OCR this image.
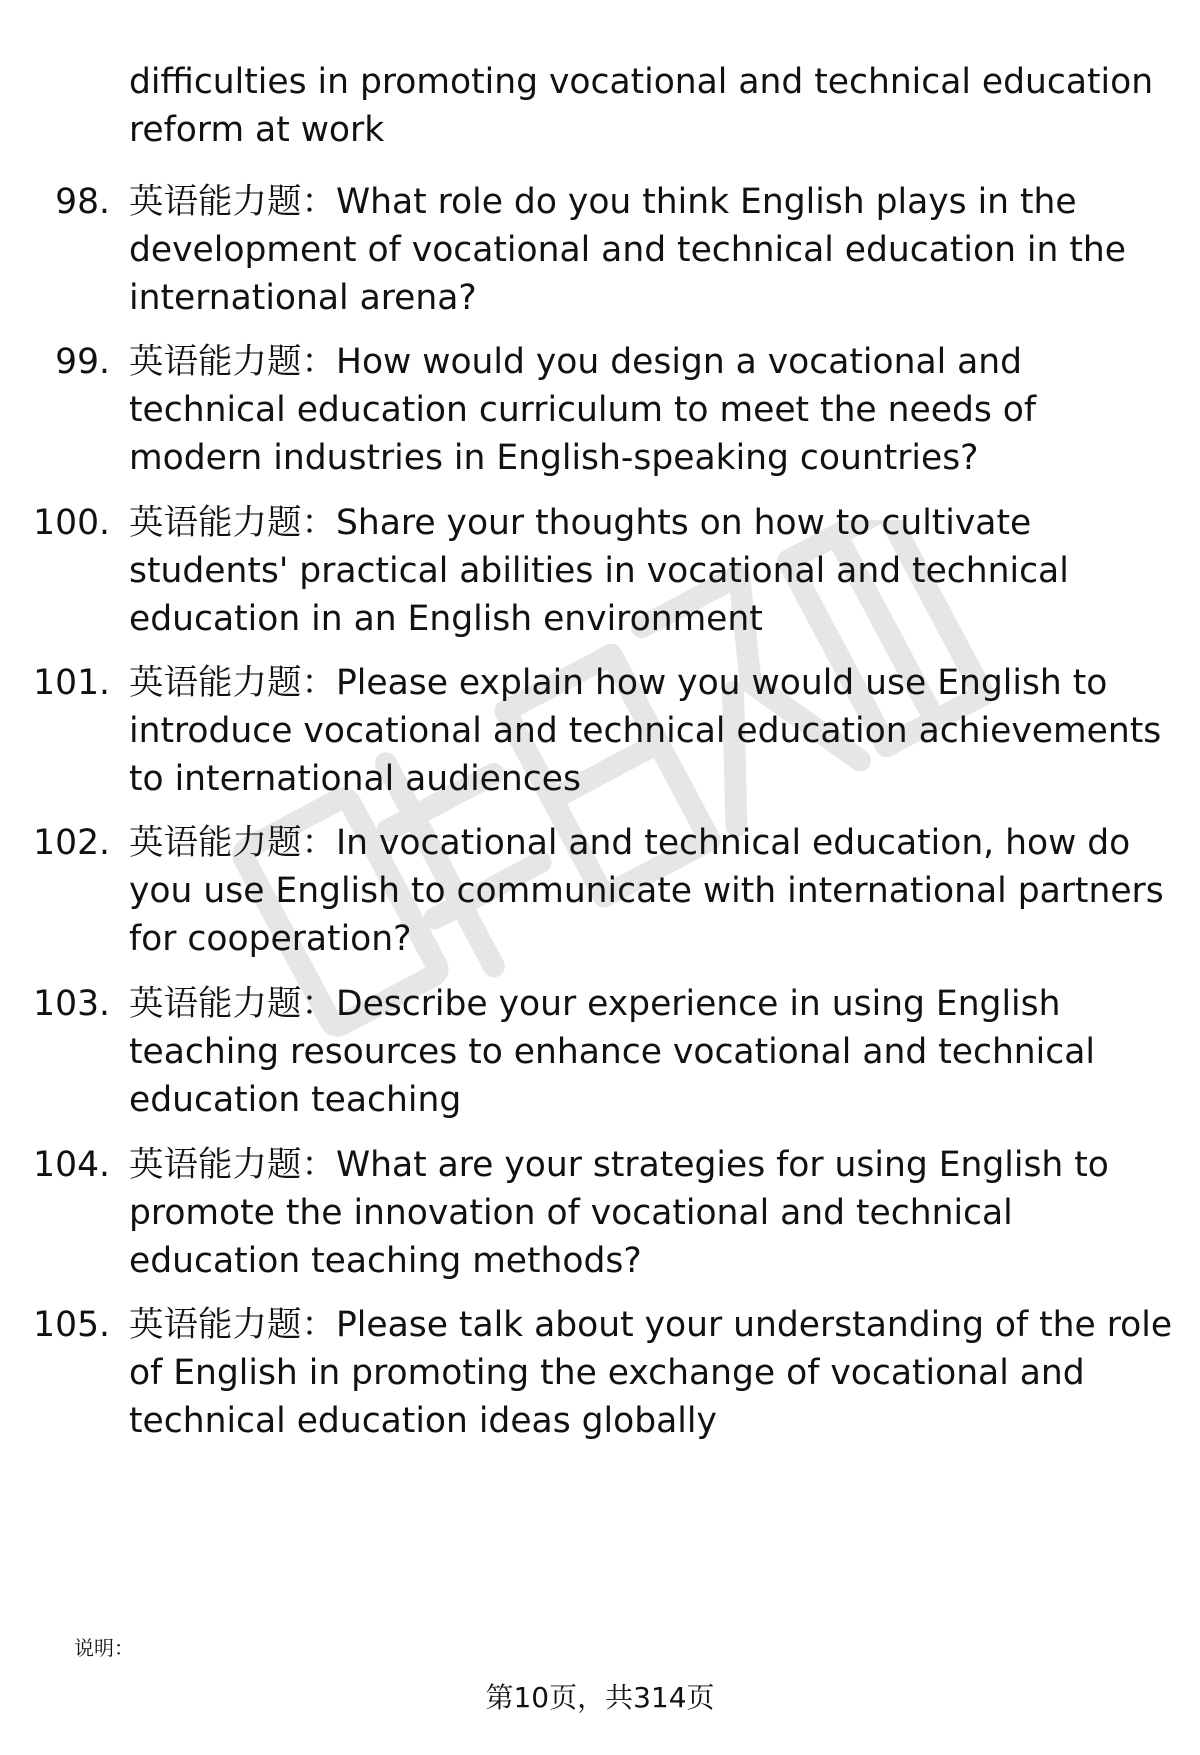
difficulties in promoting vocational and technical education reform at work
98. 英语能力题：What role do you think English plays in the development of vocational and technical education in the international arena?
99. 英语能力题：How would you design a vocational and technical education curriculum to meet the needs of modern industries in English-speaking countries?
100. 英语能力题：Share your thoughts on how to cultivate students' practical abilities in vocational and technical education in an English environment
101. 英语能力题：Please explain how you would use English to introduce vocational and technical education achievements to international audiences
102. 英语能力题：In vocational and technical education, how do you use English to communicate with international partners for cooperation?
103. 英语能力题：Describe your experience in using English teaching resources to enhance vocational and technical education teaching
104. 英语能力题：What are your strategies for using English to promote the innovation of vocational and technical education teaching methods?
105. 英语能力题：Please talk about your understanding of the role of English in promoting the exchange of vocational and technical education ideas globally
说明：
第10页，共314页
